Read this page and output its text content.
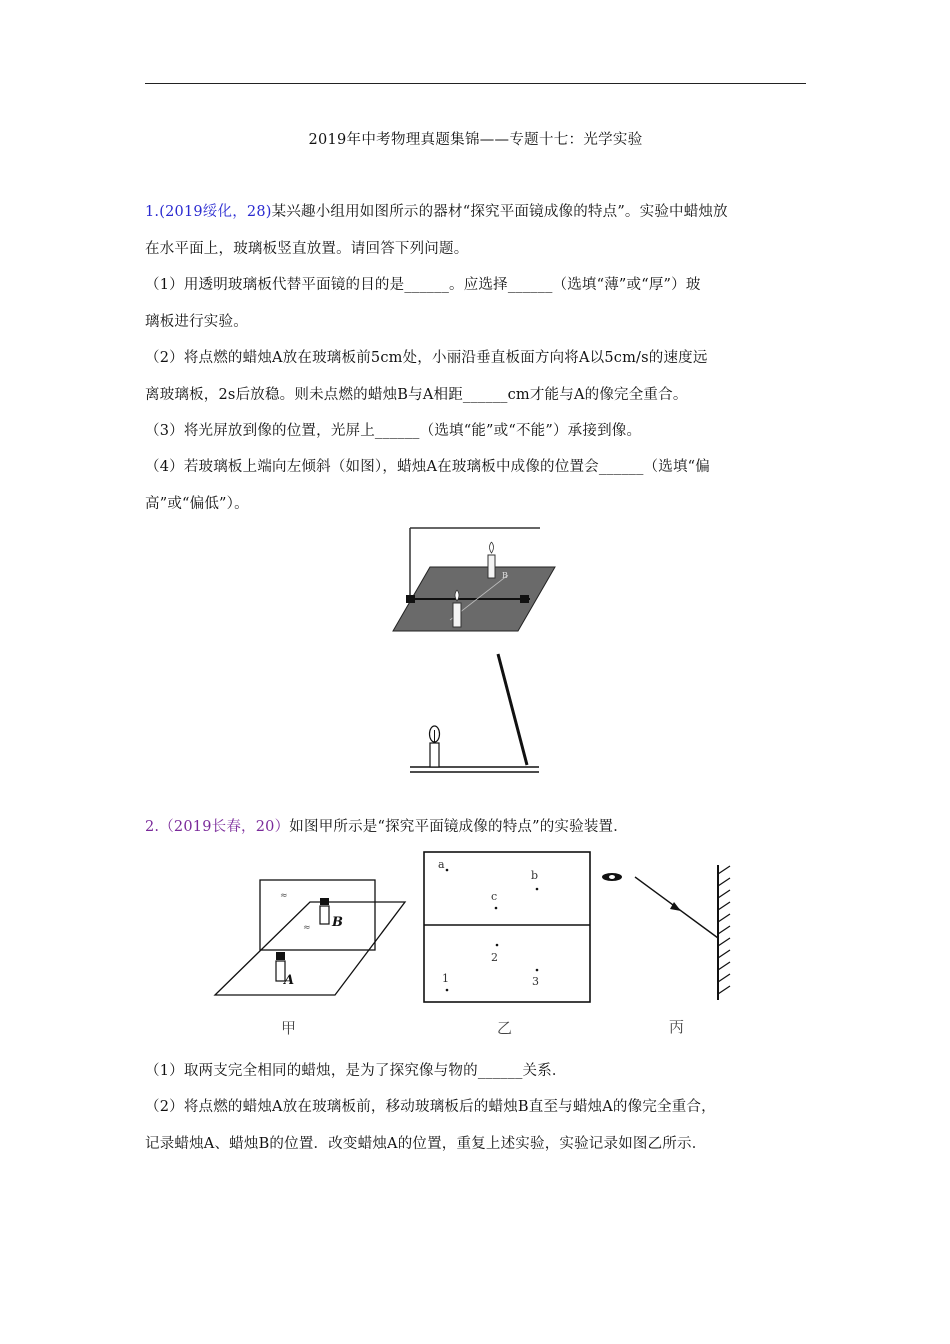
2019年中考物理真题集锦——专题十七：光学实验
1.(2019绥化，28)某兴趣小组用如图所示的器材“探究平面镜成像的特点”。实验中蜡烛放
在水平面上，玻璃板竖直放置。请回答下列问题。
（1）用透明玻璃板代替平面镜的目的是______。应选择______（选填“薄”或“厚”）玻
璃板进行实验。
（2）将点燃的蜡烛A放在玻璃板前5cm处，小丽沿垂直板面方向将A以5cm/s的速度远
离玻璃板，2s后放稳。则未点燃的蜡烛B与A相距______cm才能与A的像完全重合。
（3）将光屏放到像的位置，光屏上______（选填“能”或“不能”）承接到像。
（4）若玻璃板上端向左倾斜（如图），蜡烛A在玻璃板中成像的位置会______（选填“偏
高”或“偏低”）。
B
2.（2019长春，20）如图甲所示是“探究平面镜成像的特点”的实验装置．
≈
≈ B
A
甲
a
b
c
2
1	3
乙	丙
（1）取两支完全相同的蜡烛，是为了探究像与物的______关系．
（2）将点燃的蜡烛A放在玻璃板前，移动玻璃板后的蜡烛B直至与蜡烛A的像完全重合，
记录蜡烛A、蜡烛B的位置．改变蜡烛A的位置，重复上述实验，实验记录如图乙所示．
